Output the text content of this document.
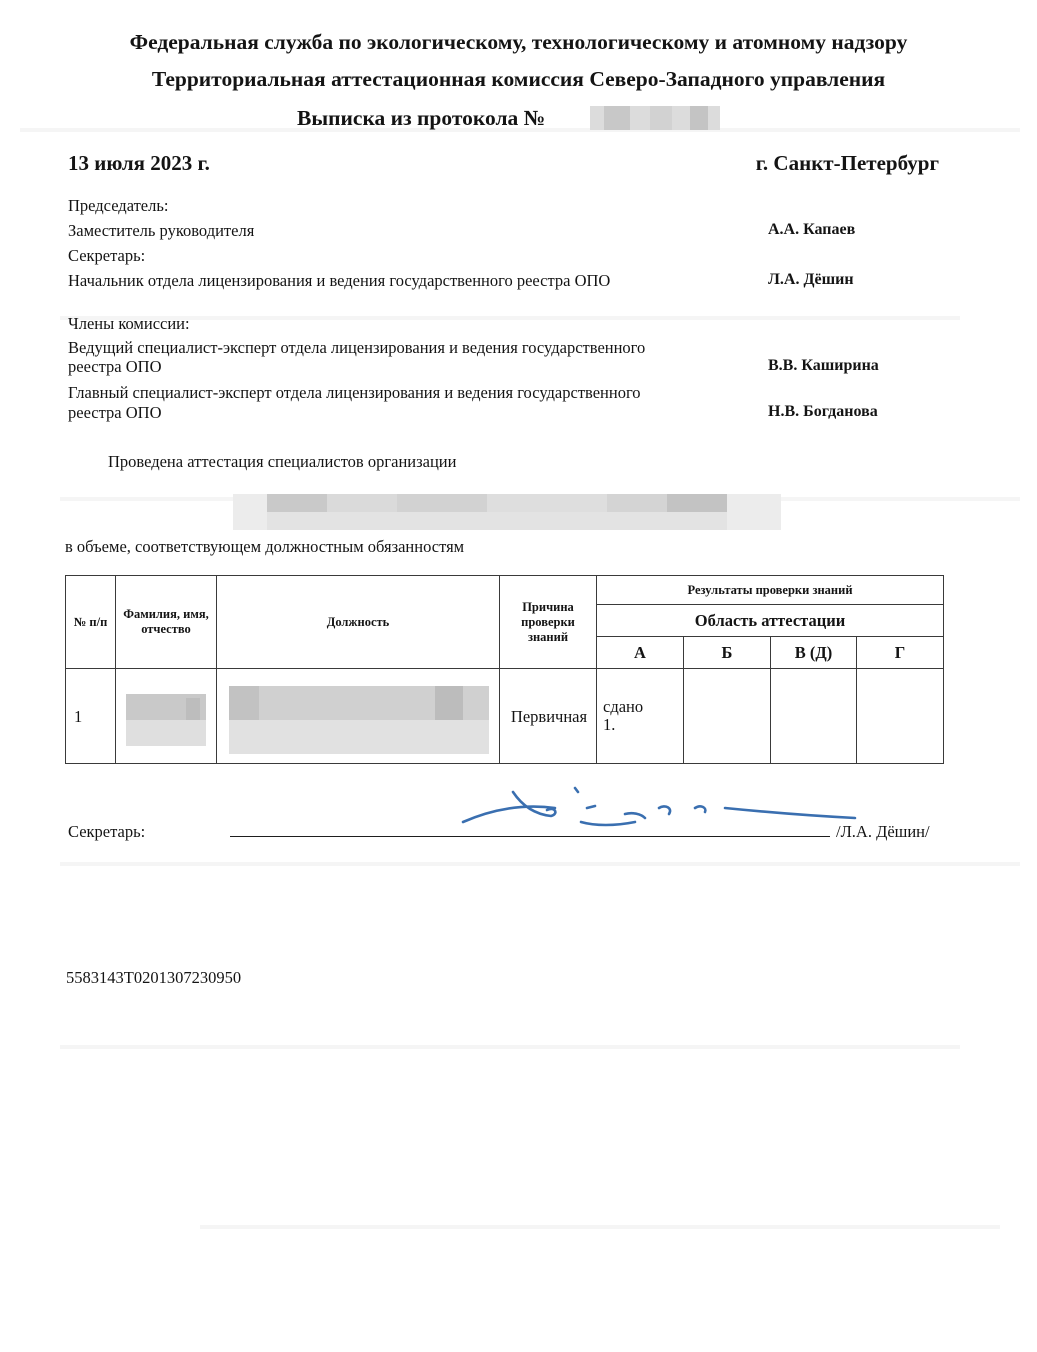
Федеральная служба по экологическому, технологическому и атомному надзору
Территориальная аттестационная комиссия Северо-Западного управления
Выписка из протокола №
13 июля 2023 г.	г. Санкт-Петербург
Председатель:
Заместитель руководителя	А.А. Капаев
Секретарь:
Начальник отдела лицензирования и ведения государственного реестра ОПО	Л.А. Дёшин
Члены комиссии:
Ведущий специалист-эксперт отдела лицензирования и ведения государственного
реестра ОПО	В.В. Каширина
Главный специалист-эксперт отдела лицензирования и ведения государственного
реестра ОПО	Н.В. Богданова
Проведена аттестация специалистов организации
в объеме, соответствующем должностным обязанностям
№ п/п	Фамилия, имя, отчество	Должность	Причина проверки знаний	Результаты проверки знаний			
				Область аттестации			
				А	Б	В (Д)	Г
1			Первичная	сдано
1.			

Секретарь:	/Л.А. Дёшин/
5583143T0201307230950
